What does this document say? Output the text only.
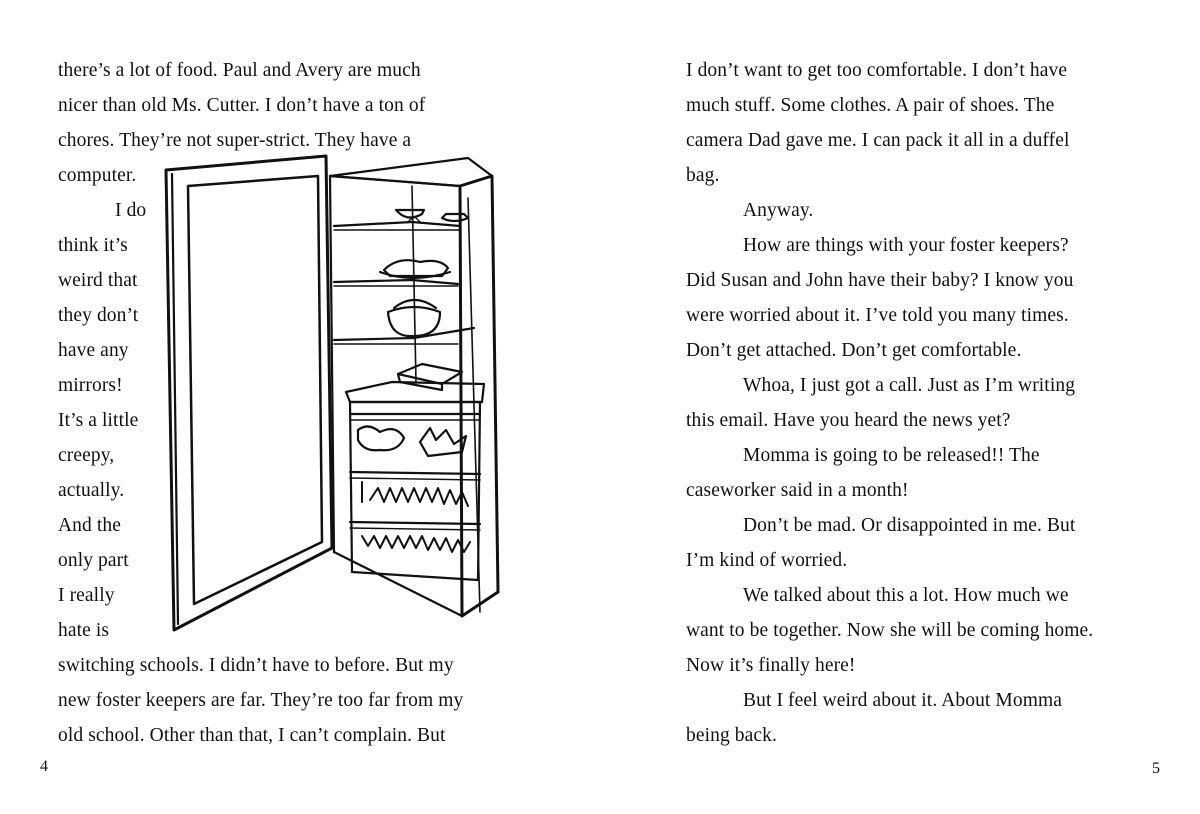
there’s a lot of food. Paul and Avery are much
nicer than old Ms. Cutter. I don’t have a ton of
chores. They’re not super-strict. They have a
computer.
I do
think it’s
weird that
they don’t
have any
mirrors!
It’s a little
creepy,
actually.
And the
only part
I really
hate is
switching schools. I didn’t have to before. But my
new foster keepers are far. They’re too far from my
old school. Other than that, I can’t complain. But
4
I don’t want to get too comfortable. I don’t have
much stuff. Some clothes. A pair of shoes. The
camera Dad gave me. I can pack it all in a duffel
bag.
Anyway.
How are things with your foster keepers?
Did Susan and John have their baby? I know you
were worried about it. I’ve told you many times.
Don’t get attached. Don’t get comfortable.
Whoa, I just got a call. Just as I’m writing
this email. Have you heard the news yet?
Momma is going to be released!! The
caseworker said in a month!
Don’t be mad. Or disappointed in me. But
I’m kind of worried.
We talked about this a lot. How much we
want to be together. Now she will be coming home.
Now it’s finally here!
But I feel weird about it. About Momma
being back.
5
